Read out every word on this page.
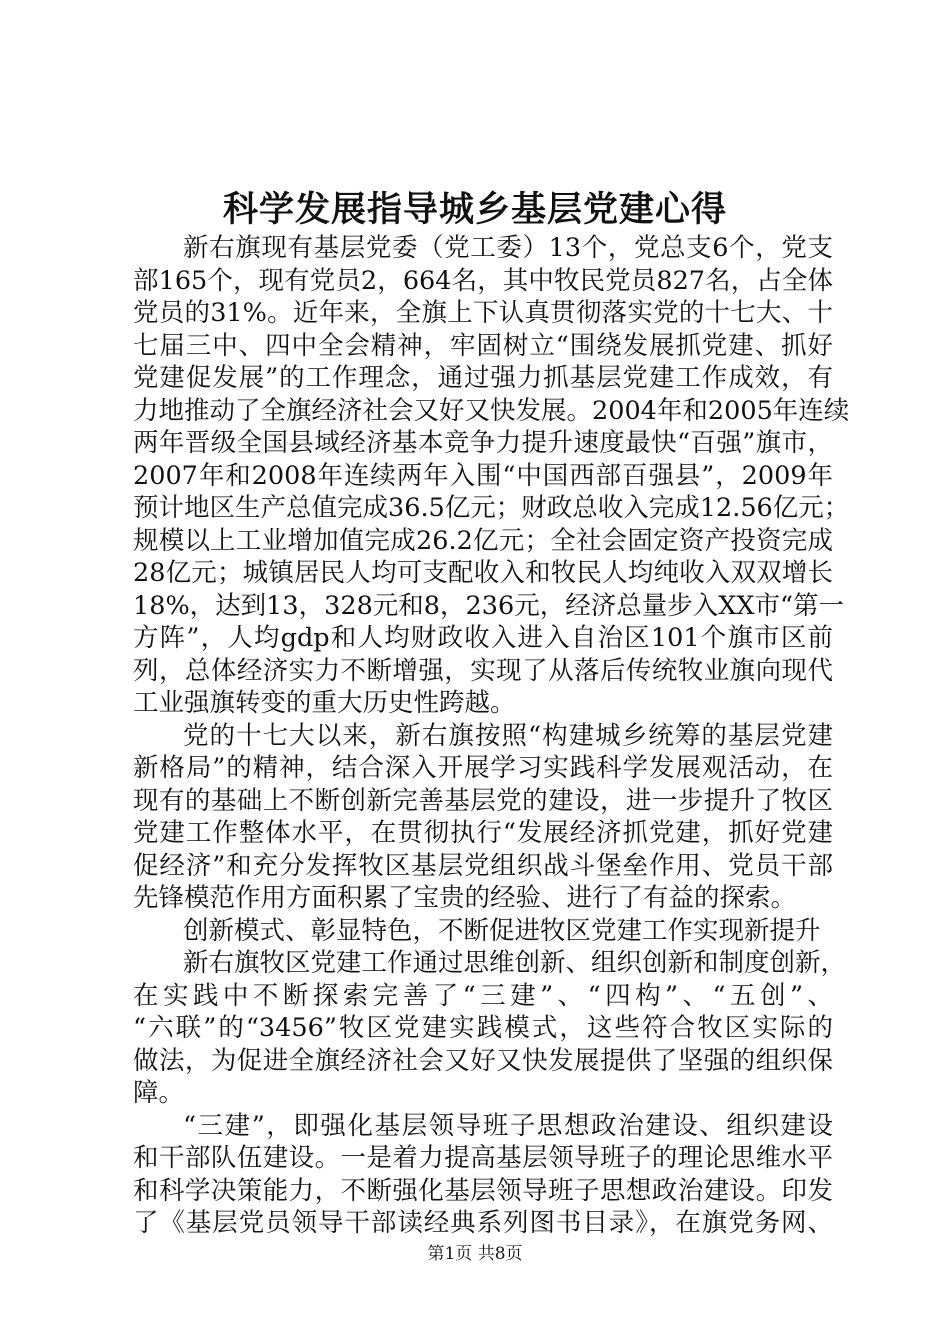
科学发展指导城乡基层党建心得
新右旗现有基层党委（党工委）13个，党总支6个，党支
部165个，现有党员2，664名，其中牧民党员827名，占全体
党员的31%。近年来，全旗上下认真贯彻落实党的十七大、十
七届三中、四中全会精神，牢固树立“围绕发展抓党建、抓好
党建促发展”的工作理念，通过强力抓基层党建工作成效，有
力地推动了全旗经济社会又好又快发展。2004年和2005年连续
两年晋级全国县域经济基本竞争力提升速度最快“百强”旗市，
2007年和2008年连续两年入围“中国西部百强县”，2009年
预计地区生产总值完成36.5亿元；财政总收入完成12.56亿元；
规模以上工业增加值完成26.2亿元；全社会固定资产投资完成
28亿元；城镇居民人均可支配收入和牧民人均纯收入双双增长
18%，达到13，328元和8，236元，经济总量步入XX市“第一
方阵”，人均gdp和人均财政收入进入自治区101个旗市区前
列，总体经济实力不断增强，实现了从落后传统牧业旗向现代
工业强旗转变的重大历史性跨越。
党的十七大以来，新右旗按照“构建城乡统筹的基层党建
新格局”的精神，结合深入开展学习实践科学发展观活动，在
现有的基础上不断创新完善基层党的建设，进一步提升了牧区
党建工作整体水平，在贯彻执行“发展经济抓党建，抓好党建
促经济”和充分发挥牧区基层党组织战斗堡垒作用、党员干部
先锋模范作用方面积累了宝贵的经验、进行了有益的探索。
创新模式、彰显特色，不断促进牧区党建工作实现新提升
新右旗牧区党建工作通过思维创新、组织创新和制度创新，
在实践中不断探索完善了“三建”、“四构”、“五创”、
“六联”的“3456”牧区党建实践模式，这些符合牧区实际的
做法，为促进全旗经济社会又好又快发展提供了坚强的组织保
障。
“三建”，即强化基层领导班子思想政治建设、组织建设
和干部队伍建设。一是着力提高基层领导班子的理论思维水平
和科学决策能力，不断强化基层领导班子思想政治建设。印发
了《基层党员领导干部读经典系列图书目录》，在旗党务网、
第1页 共8页
